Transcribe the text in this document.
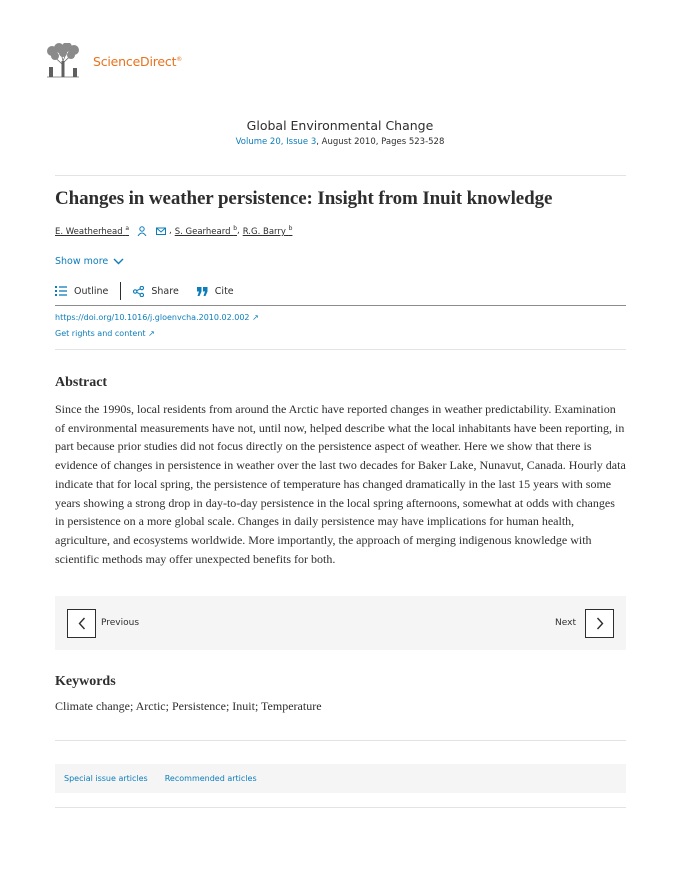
ScienceDirect®
Global Environmental Change
Volume 20, Issue 3, August 2010, Pages 523-528
Changes in weather persistence: Insight from Inuit knowledge
E. Weatherhead $^a$	, S. Gearheard $^b$ , R.G. Barry $^b$
Show more
Outline	Share	Cite
https://doi.org/10.1016/j.gloenvcha.2010.02.002 ↗
Get rights and content ↗
Abstract

Since the 1990s, local residents from around the Arctic have reported changes in weather predictability. Examination of environmental measurements have not, until now, helped describe what the local inhabitants have been reporting, in part because prior studies did not focus directly on the persistence aspect of weather. Here we show that there is evidence of changes in persistence in weather over the last two decades for Baker Lake, Nunavut, Canada. Hourly data indicate that for local spring, the persistence of temperature has changed dramatically in the last 15 years with some years showing a strong drop in day-to-day persistence in the local spring afternoons, somewhat at odds with changes in persistence on a more global scale. Changes in daily persistence may have implications for human health, agriculture, and ecosystems worldwide. More importantly, the approach of merging indigenous knowledge with scientific methods may offer unexpected benefits for both.

Previous	Next
Keywords
Climate change; Arctic; Persistence; Inuit; Temperature
Special issue articles Recommended articles
